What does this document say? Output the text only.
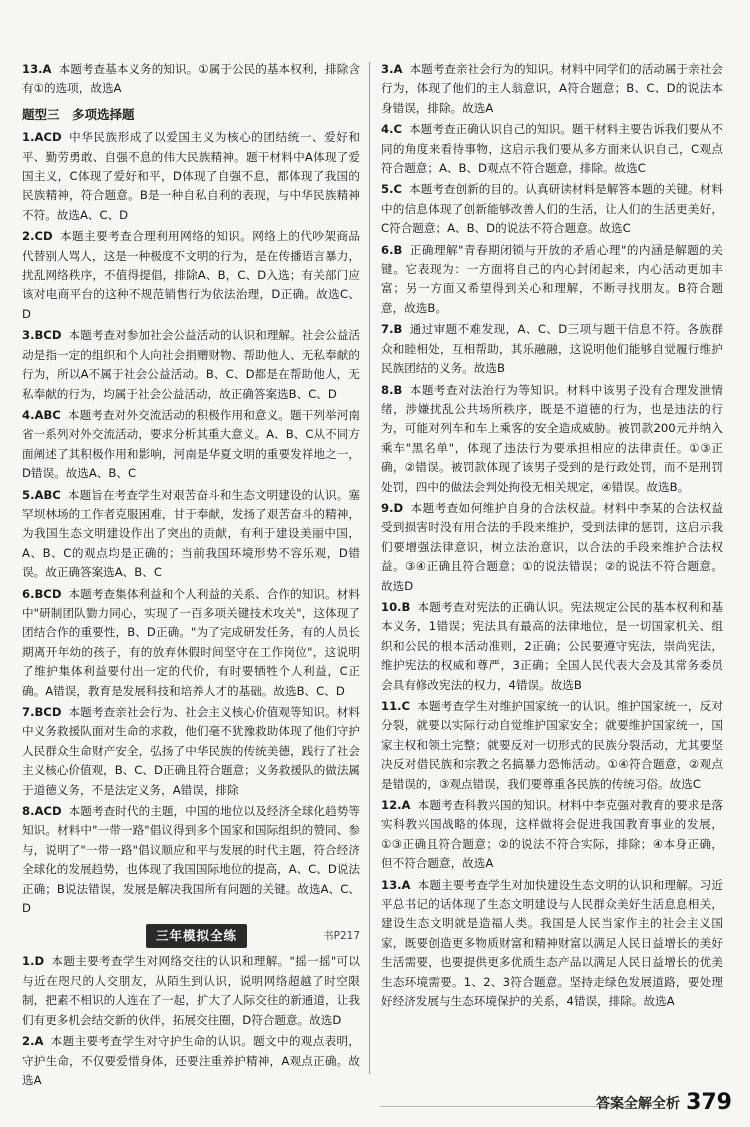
13.A 本题考查基本义务的知识。①属于公民的基本权利，排除含有①的选项，故选A

题型三　多项选择题

1.ACD 中华民族形成了以爱国主义为核心的团结统一、爱好和平、勤劳勇敢、自强不息的伟大民族精神。题干材料中A体现了爱国主义，C体现了爱好和平，D体现了自强不息，都体现了我国的民族精神，符合题意。B是一种自私自利的表现，与中华民族精神不符。故选A、C、D

2.CD 本题主要考查合理利用网络的知识。网络上的代吵架商品代替别人骂人，这是一种极度不文明的行为，是在传播语言暴力，扰乱网络秩序，不值得提倡，排除A、B，C、D入选；有关部门应该对电商平台的这种不规范销售行为依法治理，D正确。故选C、D

3.BCD 本题考查对参加社会公益活动的认识和理解。社会公益活动是指一定的组织和个人向社会捐赠财物、帮助他人、无私奉献的行为，所以A不属于社会公益活动。B、C、D都是在帮助他人，无私奉献的行为，均属于社会公益活动，故正确答案选B、C、D

4.ABC 本题考查对外交流活动的积极作用和意义。题干列举河南省一系列对外交流活动，要求分析其重大意义。A、B、C从不同方面阐述了其积极作用和影响，河南是华夏文明的重要发祥地之一，D错误。故选A、B、C

5.ABC 本题旨在考查学生对艰苦奋斗和生态文明建设的认识。塞罕坝林场的工作者克服困难，甘于奉献，发扬了艰苦奋斗的精神，为我国生态文明建设作出了突出的贡献，有利于建设美丽中国，A、B、C的观点均是正确的；当前我国环境形势不容乐观，D错误。故正确答案选A、B、C

6.BCD 本题考查集体利益和个人利益的关系、合作的知识。材料中"研制团队勠力同心，实现了一百多项关键技术攻关"，这体现了团结合作的重要性，B、D正确。"为了完成研发任务，有的人员长期离开年幼的孩子，有的放弃休假时间坚守在工作岗位"，这说明了维护集体利益要付出一定的代价，有时要牺牲个人利益，C正确。A错误，教育是发展科技和培养人才的基础。故选B、C、D

7.BCD 本题考查亲社会行为、社会主义核心价值观等知识。材料中义务救援队面对生命的求救，他们毫不犹豫救助体现了他们守护人民群众生命财产安全，弘扬了中华民族的传统美德，践行了社会主义核心价值观，B、C、D正确且符合题意；义务救援队的做法属于道德义务，不是法定义务，A错误，排除

8.ACD 本题考查时代的主题，中国的地位以及经济全球化趋势等知识。材料中"一带一路"倡议得到多个国家和国际组织的赞同、参与，说明了"一带一路"倡议顺应和平与发展的时代主题，符合经济全球化的发展趋势，也体现了我国国际地位的提高，A、C、D说法正确；B说法错误，发展是解决我国所有问题的关键。故选A、C、D

三年模拟全练	书P217

1.D 本题主要考查学生对网络交往的认识和理解。"摇一摇"可以与近在咫尺的人交朋友，从陌生到认识，说明网络超越了时空限制，把素不相识的人连在了一起，扩大了人际交往的新通道，让我们有更多机会结交新的伙伴，拓展交往圈，D符合题意。故选D

2.A 本题主要考查学生对守护生命的认识。题文中的观点表明，守护生命，不仅要爱惜身体，还要注重养护精神，A观点正确。故选A

3.A 本题考查亲社会行为的知识。材料中同学们的活动属于亲社会行为，体现了他们的主人翁意识，A符合题意；B、C、D的说法本身错误，排除。故选A

4.C 本题考查正确认识自己的知识。题干材料主要告诉我们要从不同的角度来看待事物，这启示我们要从多方面来认识自己，C观点符合题意；A、B、D观点不符合题意，排除。故选C

5.C 本题考查创新的目的。认真研读材料是解答本题的关键。材料中的信息体现了创新能够改善人们的生活，让人们的生活更美好，C符合题意；A、B、D的说法不符合题意。故选C

6.B 正确理解"青春期闭锁与开放的矛盾心理"的内涵是解题的关键。它表现为：一方面将自己的内心封闭起来，内心活动更加丰富；另一方面又希望得到关心和理解，不断寻找朋友。B符合题意，故选B。

7.B 通过审题不难发现，A、C、D三项与题干信息不符。各族群众和睦相处，互相帮助，其乐融融，这说明他们能够自觉履行维护民族团结的义务。故选B

8.B 本题考查对法治行为等知识。材料中该男子没有合理发泄情绪，涉嫌扰乱公共场所秩序，既是不道德的行为，也是违法的行为，可能对列车和车上乘客的安全造成威胁。被罚款200元并纳入乘车"黑名单"，体现了违法行为要承担相应的法律责任。①③正确，②错误。被罚款体现了该男子受到的是行政处罚，而不是刑罚处罚，四中的做法会判处拘役无相关规定，④错误。故选B。

9.D 本题考查如何维护自身的合法权益。材料中李某的合法权益受到损害时没有用合法的手段来维护，受到法律的惩罚，这启示我们要增强法律意识，树立法治意识，以合法的手段来维护合法权益。③④正确且符合题意；①的说法错误；②的说法不符合题意。故选D

10.B 本题考查对宪法的正确认识。宪法规定公民的基本权利和基本义务，1错误；宪法具有最高的法律地位，是一切国家机关、组织和公民的根本活动准则，2正确；公民要遵守宪法，崇尚宪法，维护宪法的权威和尊严，3正确；全国人民代表大会及其常务委员会具有修改宪法的权力，4错误。故选B

11.C 本题考查学生对维护国家统一的认识。维护国家统一，反对分裂，就要以实际行动自觉维护国家安全；就要维护国家统一，国家主权和领土完整；就要反对一切形式的民族分裂活动，尤其要坚决反对借民族和宗教之名搞暴力恐怖活动。①④符合题意，②观点是错误的，③观点错误，我们要尊重各民族的传统习俗。故选C

12.A 本题考查科教兴国的知识。材料中李克强对教育的要求是落实科教兴国战略的体现，这样做将会促进我国教育事业的发展，①③正确且符合题意；②的说法不符合实际，排除；④本身正确，但不符合题意，故选A

13.A 本题主要考查学生对加快建设生态文明的认识和理解。习近平总书记的话体现了生态文明建设与人民群众美好生活息息相关，建设生态文明就是造福人类。我国是人民当家作主的社会主义国家，既要创造更多物质财富和精神财富以满足人民日益增长的美好生活需要，也要提供更多优质生态产品以满足人民日益增长的优美生态环境需要。1、2、3符合题意。坚持走绿色发展道路，要处理好经济发展与生态环境保护的关系，4错误，排除。故选A

答案全解全析 379
